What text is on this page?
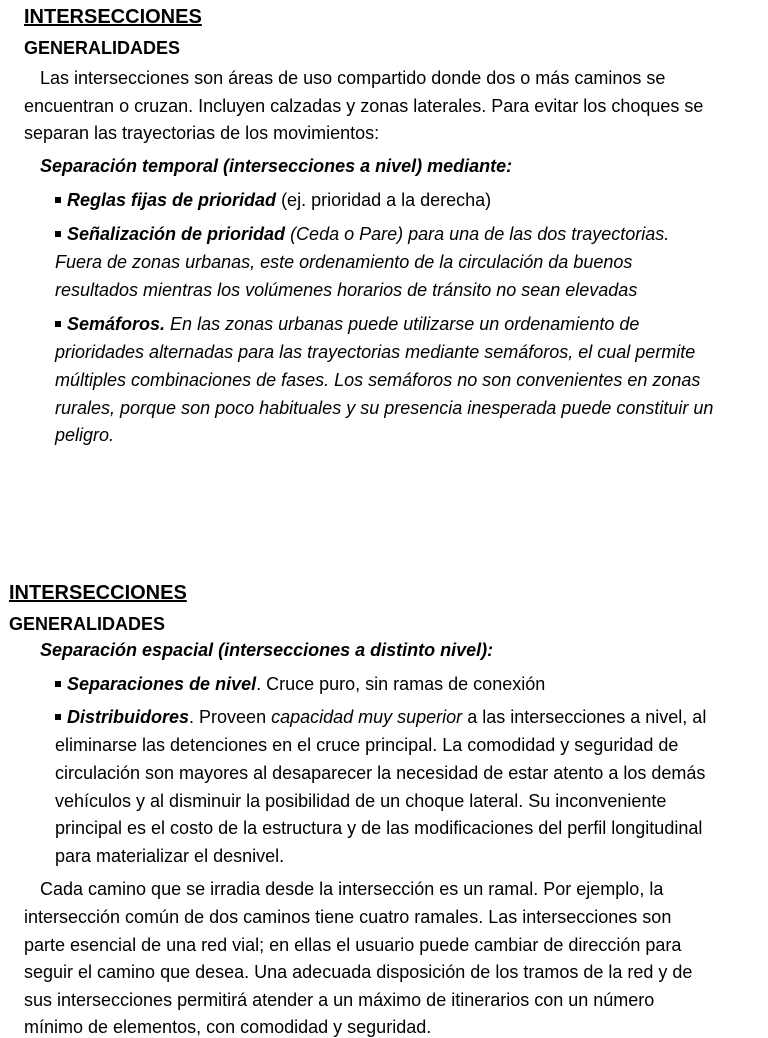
INTERSECCIONES
GENERALIDADES
Las intersecciones son áreas de uso compartido donde dos o más caminos se
encuentran o cruzan. Incluyen calzadas y zonas laterales. Para evitar los choques se
separan las trayectorias de los movimientos:
Separación temporal (intersecciones a nivel) mediante:
Reglas fijas de prioridad (ej. prioridad a la derecha)
Señalización de prioridad (Ceda o Pare) para una de las dos trayectorias.
Fuera de zonas urbanas, este ordenamiento de la circulación da buenos
resultados mientras los volúmenes horarios de tránsito no sean elevadas
Semáforos. En las zonas urbanas puede utilizarse un ordenamiento de
prioridades alternadas para las trayectorias mediante semáforos, el cual permite
múltiples combinaciones de fases. Los semáforos no son convenientes en zonas
rurales, porque son poco habituales y su presencia inesperada puede constituir un
peligro.
INTERSECCIONES
GENERALIDADES
Separación espacial (intersecciones a distinto nivel):
Separaciones de nivel. Cruce puro, sin ramas de conexión
Distribuidores. Proveen capacidad muy superior a las intersecciones a nivel, al
eliminarse las detenciones en el cruce principal. La comodidad y seguridad de
circulación son mayores al desaparecer la necesidad de estar atento a los demás
vehículos y al disminuir la posibilidad de un choque lateral. Su inconveniente
principal es el costo de la estructura y de las modificaciones del perfil longitudinal
para materializar el desnivel.
Cada camino que se irradia desde la intersección es un ramal. Por ejemplo, la
intersección común de dos caminos tiene cuatro ramales. Las intersecciones son
parte esencial de una red vial; en ellas el usuario puede cambiar de dirección para
seguir el camino que desea. Una adecuada disposición de los tramos de la red y de
sus intersecciones permitirá atender a un máximo de itinerarios con un número
mínimo de elementos, con comodidad y seguridad.
